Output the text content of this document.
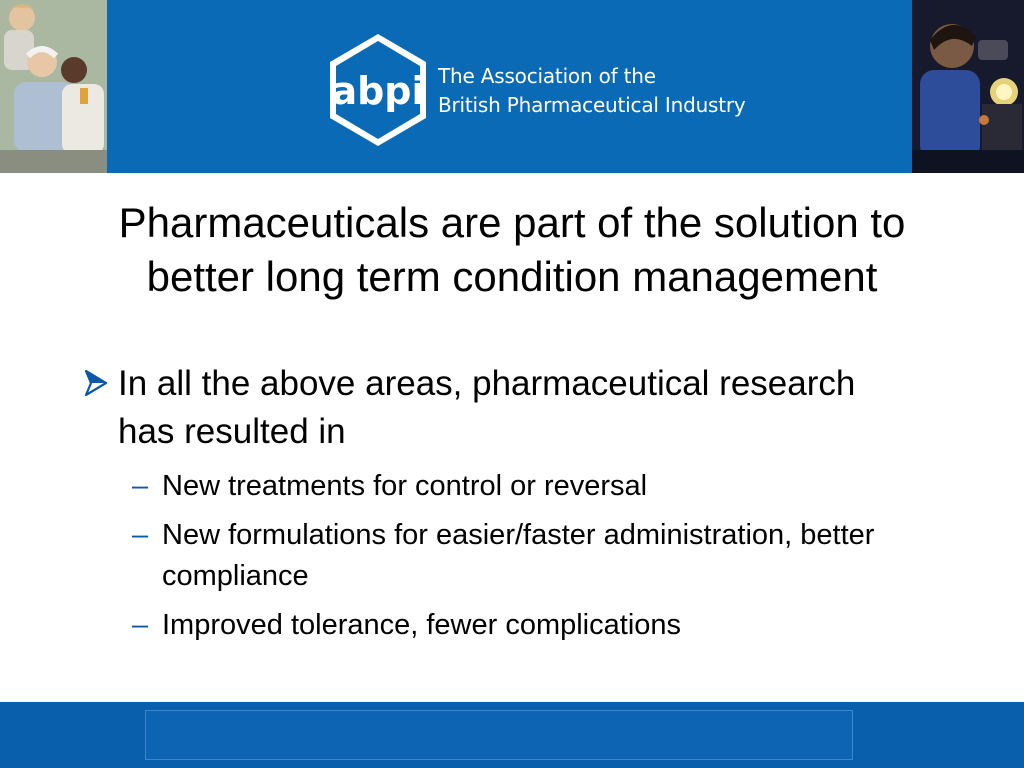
abpi The Association of the
British Pharmaceutical Industry
Pharmaceuticals are part of the solution to better long term condition management
In all the above areas, pharmaceutical research has resulted in
– New treatments for control or reversal
– New formulations for easier/faster administration, better compliance
– Improved tolerance, fewer complications
